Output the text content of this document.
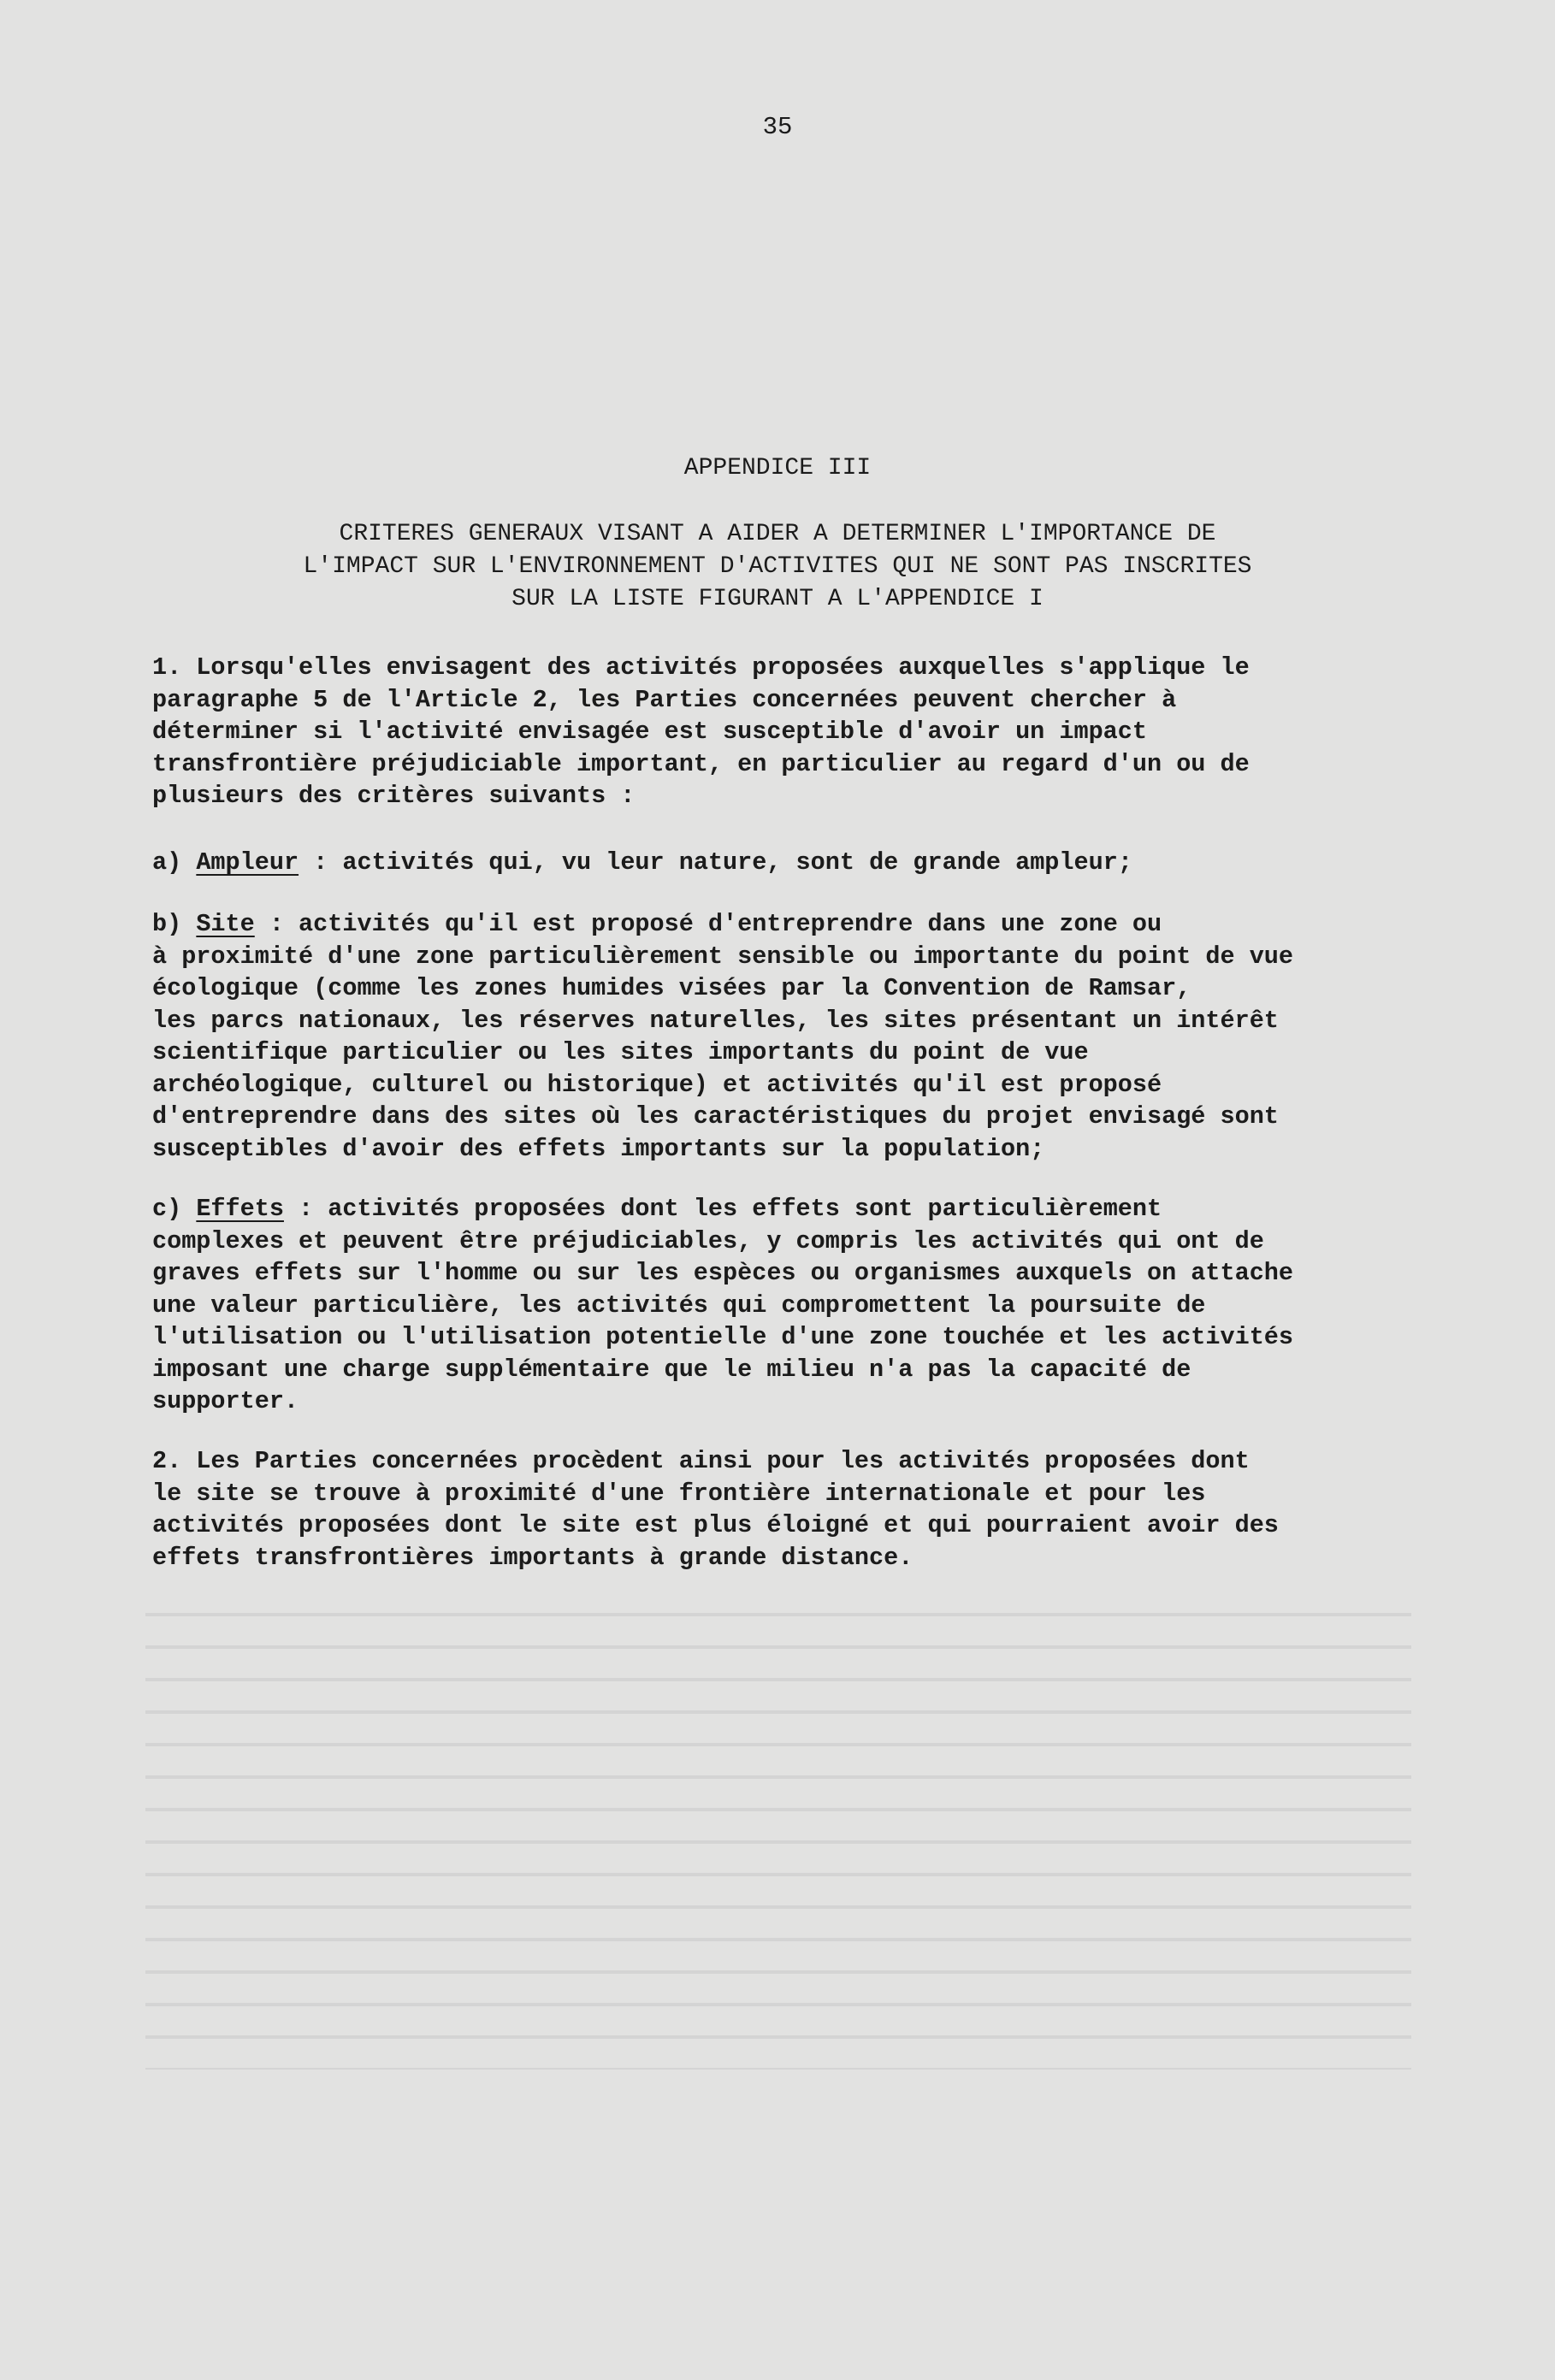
35
APPENDICE III
CRITERES GENERAUX VISANT A AIDER A DETERMINER L'IMPORTANCE DE
L'IMPACT SUR L'ENVIRONNEMENT D'ACTIVITES QUI NE SONT PAS INSCRITES
SUR LA LISTE FIGURANT A L'APPENDICE I
1. Lorsqu'elles envisagent des activités proposées auxquelles s'applique le
paragraphe 5 de l'Article 2, les Parties concernées peuvent chercher à
déterminer si l'activité envisagée est susceptible d'avoir un impact
transfrontière préjudiciable important, en particulier au regard d'un ou de
plusieurs des critères suivants :
a) Ampleur : activités qui, vu leur nature, sont de grande ampleur;
b) Site : activités qu'il est proposé d'entreprendre dans une zone ou
à proximité d'une zone particulièrement sensible ou importante du point de vue
écologique (comme les zones humides visées par la Convention de Ramsar,
les parcs nationaux, les réserves naturelles, les sites présentant un intérêt
scientifique particulier ou les sites importants du point de vue
archéologique, culturel ou historique) et activités qu'il est proposé
d'entreprendre dans des sites où les caractéristiques du projet envisagé sont
susceptibles d'avoir des effets importants sur la population;
c) Effets : activités proposées dont les effets sont particulièrement
complexes et peuvent être préjudiciables, y compris les activités qui ont de
graves effets sur l'homme ou sur les espèces ou organismes auxquels on attache
une valeur particulière, les activités qui compromettent la poursuite de
l'utilisation ou l'utilisation potentielle d'une zone touchée et les activités
imposant une charge supplémentaire que le milieu n'a pas la capacité de
supporter.
2. Les Parties concernées procèdent ainsi pour les activités proposées dont
le site se trouve à proximité d'une frontière internationale et pour les
activités proposées dont le site est plus éloigné et qui pourraient avoir des
effets transfrontières importants à grande distance.
